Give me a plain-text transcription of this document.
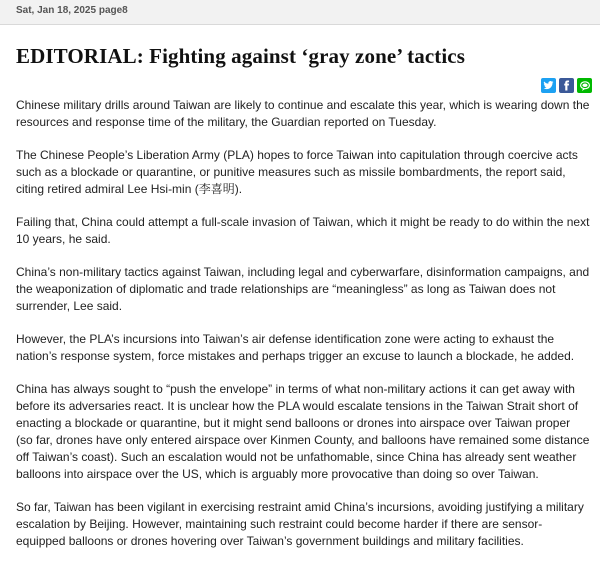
Sat, Jan 18, 2025 page8
EDITORIAL: Fighting against ‘gray zone’ tactics

Chinese military drills around Taiwan are likely to continue and escalate this year, which is wearing down the resources and response time of the military, the Guardian reported on Tuesday.

The Chinese People’s Liberation Army (PLA) hopes to force Taiwan into capitulation through coercive acts such as a blockade or quarantine, or punitive measures such as missile bombardments, the report said, citing retired admiral Lee Hsi-min (李喜明).

Failing that, China could attempt a full-scale invasion of Taiwan, which it might be ready to do within the next 10 years, he said.

China’s non-military tactics against Taiwan, including legal and cyberwarfare, disinformation campaigns, and the weaponization of diplomatic and trade relationships are “meaningless” as long as Taiwan does not surrender, Lee said.

However, the PLA’s incursions into Taiwan’s air defense identification zone were acting to exhaust the nation’s response system, force mistakes and perhaps trigger an excuse to launch a blockade, he added.

China has always sought to “push the envelope” in terms of what non-military actions it can get away with before its adversaries react. It is unclear how the PLA would escalate tensions in the Taiwan Strait short of enacting a blockade or quarantine, but it might send balloons or drones into airspace over Taiwan proper (so far, drones have only entered airspace over Kinmen County, and balloons have remained some distance off Taiwan’s coast). Such an escalation would not be unfathomable, since China has already sent weather balloons into airspace over the US, which is arguably more provocative than doing so over Taiwan.

So far, Taiwan has been vigilant in exercising restraint amid China’s incursions, avoiding justifying a military escalation by Beijing. However, maintaining such restraint could become harder if there are sensor-equipped balloons or drones hovering over Taiwan’s government buildings and military facilities.
